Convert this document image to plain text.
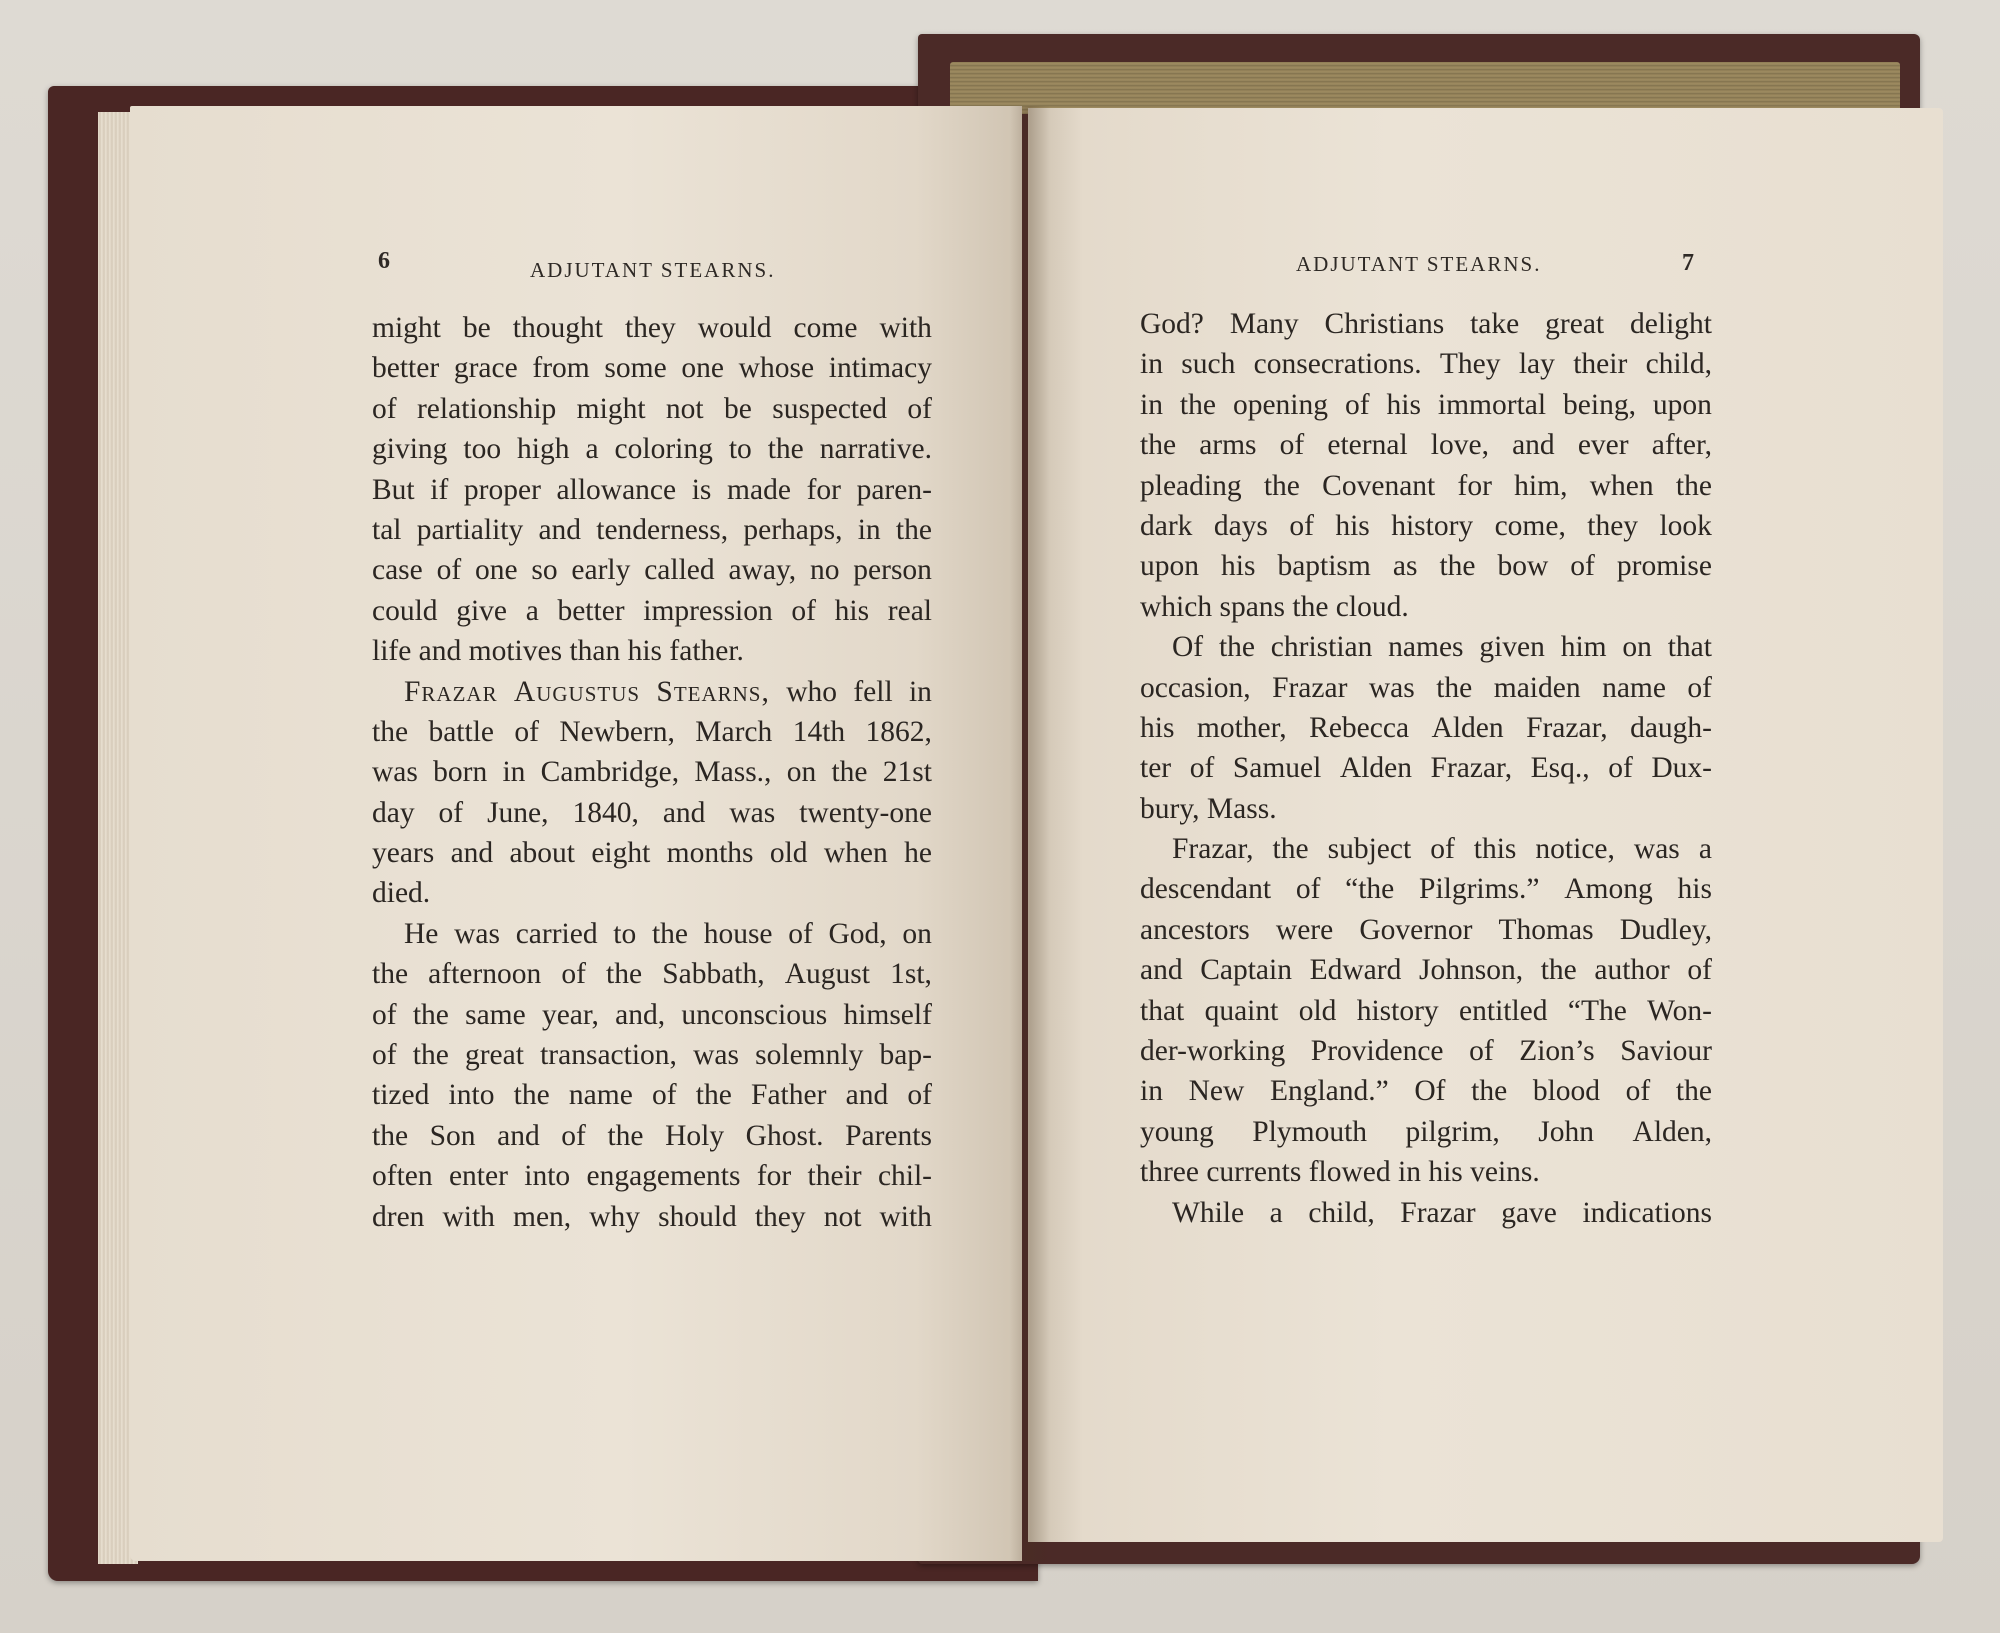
6	ADJUTANT STEARNS.	ADJUTANT STEARNS.	7
might be thought they would come with
better grace from some one whose intimacy
of relationship might not be suspected of
giving too high a coloring to the narrative.
But if proper allowance is made for paren-
tal partiality and tenderness, perhaps, in the
case of one so early called away, no person
could give a better impression of his real
life and motives than his father.
Frazar Augustus Stearns, who fell in
the battle of Newbern, March 14th 1862,
was born in Cambridge, Mass., on the 21st
day of June, 1840, and was twenty-one
years and about eight months old when he
died.
He was carried to the house of God, on
the afternoon of the Sabbath, August 1st,
of the same year, and, unconscious himself
of the great transaction, was solemnly bap-
tized into the name of the Father and of
the Son and of the Holy Ghost. Parents
often enter into engagements for their chil-
dren with men, why should they not with
God? Many Christians take great delight
in such consecrations. They lay their child,
in the opening of his immortal being, upon
the arms of eternal love, and ever after,
pleading the Covenant for him, when the
dark days of his history come, they look
upon his baptism as the bow of promise
which spans the cloud.
Of the christian names given him on that
occasion, Frazar was the maiden name of
his mother, Rebecca Alden Frazar, daugh-
ter of Samuel Alden Frazar, Esq., of Dux-
bury, Mass.
Frazar, the subject of this notice, was a
descendant of “the Pilgrims.” Among his
ancestors were Governor Thomas Dudley,
and Captain Edward Johnson, the author of
that quaint old history entitled “The Won-
der-working Providence of Zion’s Saviour
in New England.” Of the blood of the
young Plymouth pilgrim, John Alden,
three currents flowed in his veins.
While a child, Frazar gave indications
